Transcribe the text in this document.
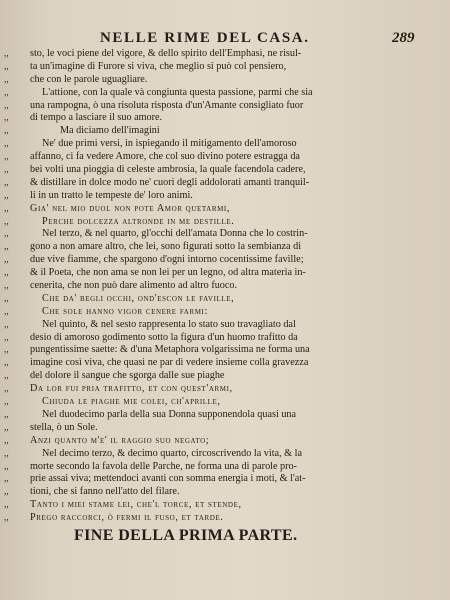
NELLE RIME DEL CASA.	289
,, sto, le voci piene del vigore, & dello spirito dell'Emphasi, ne risul-
,, ta un'imagine di Furore si viva, che meglio si può col pensiero,
,, che con le parole uguagliare.
,,	L'attione, con la quale và congiunta questa passione, parmi che sia
,, una rampogna, ò una risoluta risposta d'un'Amante consigliato fuor
,, di tempo a lasciare il suo amore.
,,	Ma diciamo dell'imagini
,,	Ne' due primi versi, in ispiegando il mitigamento dell'amoroso
,, affanno, ci fa vedere Amore, che col suo divino potere estragga da
,, bei volti una pioggia di celeste ambrosia, la quale facendola cadere,
,, & distillare in dolce modo ne' cuori degli addolorati amanti tranquil-
,, li in un tratto le tempeste de' loro animi.
,, Gia' nel mio duol non pote Amor quetarmi,
,,	Perche dolcezza altronde in me destille.
,,	Nel terzo, & nel quarto, gl'occhi dell'amata Donna che lo costrin-
,, gono a non amare altro, che lei, sono figurati sotto la sembianza di
,, due vive fiamme, che spargono d'ogni intorno cocentissime faville;
,, & il Poeta, che non ama se non lei per un legno, od altra materia in-
,, cenerita, che non può dare alimento ad altro fuoco.
,,	Che da' begli occhi, ond'escon le faville,
,,	Che sole hanno vigor cenere farmi:
,,	Nel quinto, & nel sesto rappresenta lo stato suo travagliato dal
,, desio di amoroso godimento sotto la figura d'un huomo trafitto da
,, pungentissime saette: & d'una Metaphora volgarissima ne forma una
,, imagine così viva, che quasi ne par di vedere insieme colla gravezza
,, del dolore il sangue che sgorga dalle sue piaghe
,, Da lor fui pria trafitto, et con quest'armi,
,,	Chiuda le piaghe mie colei, ch'aprille,
,,	Nel duodecimo parla della sua Donna supponendola quasi una
,, stella, ò un Sole.
,, Anzi quanto m'e' il raggio suo negato;
,,	Nel decimo terzo, & decimo quarto, circoscrivendo la vita, & la
,, morte secondo la favola delle Parche, ne forma una di parole pro-
,, prie assai viva; mettendoci avanti con somma energia i moti, & l'at-
,, tioni, che si fanno nell'atto del filare.
,, Tanto i miei stame lei, che'l torce, et stende,
,, Prego raccorci, ò fermi il fuso, et tarde.
FINE DELLA PRIMA PARTE.
